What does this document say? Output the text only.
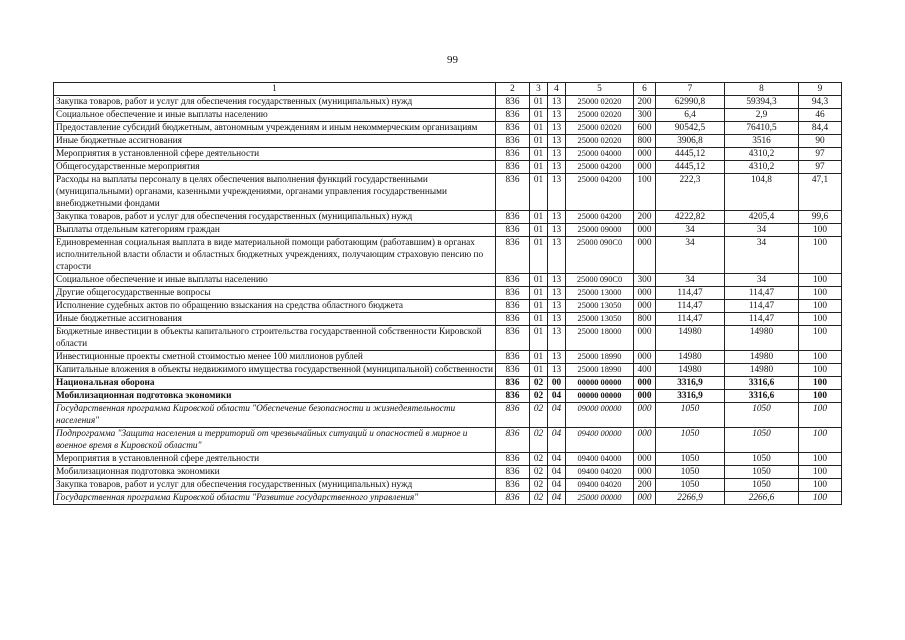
99
1	2	3	4	5	6	7	8	9
Закупка товаров, работ и услуг для обеспечения государственных (муниципальных) нужд	836	01	13	25000 02020	200	62990,8	59394,3	94,3
Социальное обеспечение и иные выплаты населению	836	01	13	25000 02020	300	6,4	2,9	46
Предоставление субсидий бюджетным, автономным учреждениям и иным некоммерческим организациям	836	01	13	25000 02020	600	90542,5	76410,5	84,4
Иные бюджетные ассигнования	836	01	13	25000 02020	800	3906,8	3516	90
Мероприятия в установленной сфере деятельности	836	01	13	25000 04000	000	4445,12	4310,2	97
Общегосударственные мероприятия	836	01	13	25000 04200	000	4445,12	4310,2	97
Расходы на выплаты персоналу в целях обеспечения выполнения функций государственными (муниципальными) органами, казенными учреждениями, органами управления государственными внебюджетными фондами	836	01	13	25000 04200	100	222,3	104,8	47,1
Закупка товаров, работ и услуг для обеспечения государственных (муниципальных) нужд	836	01	13	25000 04200	200	4222,82	4205,4	99,6
Выплаты отдельным категориям граждан	836	01	13	25000 09000	000	34	34	100
Единовременная социальная выплата в виде материальной помощи работающим (работавшим) в органах исполнительной власти области и областных бюджетных учреждениях, получающим страховую пенсию по старости	836	01	13	25000 090С0	000	34	34	100
Социальное обеспечение и иные выплаты населению	836	01	13	25000 090С0	300	34	34	100
Другие общегосударственные вопросы	836	01	13	25000 13000	000	114,47	114,47	100
Исполнение судебных актов по обращению взыскания на средства областного бюджета	836	01	13	25000 13050	000	114,47	114,47	100
Иные бюджетные ассигнования	836	01	13	25000 13050	800	114,47	114,47	100
Бюджетные инвестиции в объекты капитального строительства государственной собственности Кировской области	836	01	13	25000 18000	000	14980	14980	100
Инвестиционные проекты сметной стоимостью менее 100 миллионов рублей	836	01	13	25000 18990	000	14980	14980	100
Капитальные вложения в объекты недвижимого имущества государственной (муниципальной) собственности	836	01	13	25000 18990	400	14980	14980	100
Национальная оборона	836	02	00	00000 00000	000	3316,9	3316,6	100
Мобилизационная подготовка экономики	836	02	04	00000 00000	000	3316,9	3316,6	100
Государственная программа Кировской области "Обеспечение безопасности и жизнедеятельности населения"	836	02	04	09000 00000	000	1050	1050	100
Подпрограмма "Защита населения и территорий от чрезвычайных ситуаций и опасностей в мирное и военное время в Кировской области"	836	02	04	09400 00000	000	1050	1050	100
Мероприятия в установленной сфере деятельности	836	02	04	09400 04000	000	1050	1050	100
Мобилизационная подготовка экономики	836	02	04	09400 04020	000	1050	1050	100
Закупка товаров, работ и услуг для обеспечения государственных (муниципальных) нужд	836	02	04	09400 04020	200	1050	1050	100
Государственная программа Кировской области "Развитие государственного управления"	836	02	04	25000 00000	000	2266,9	2266,6	100
